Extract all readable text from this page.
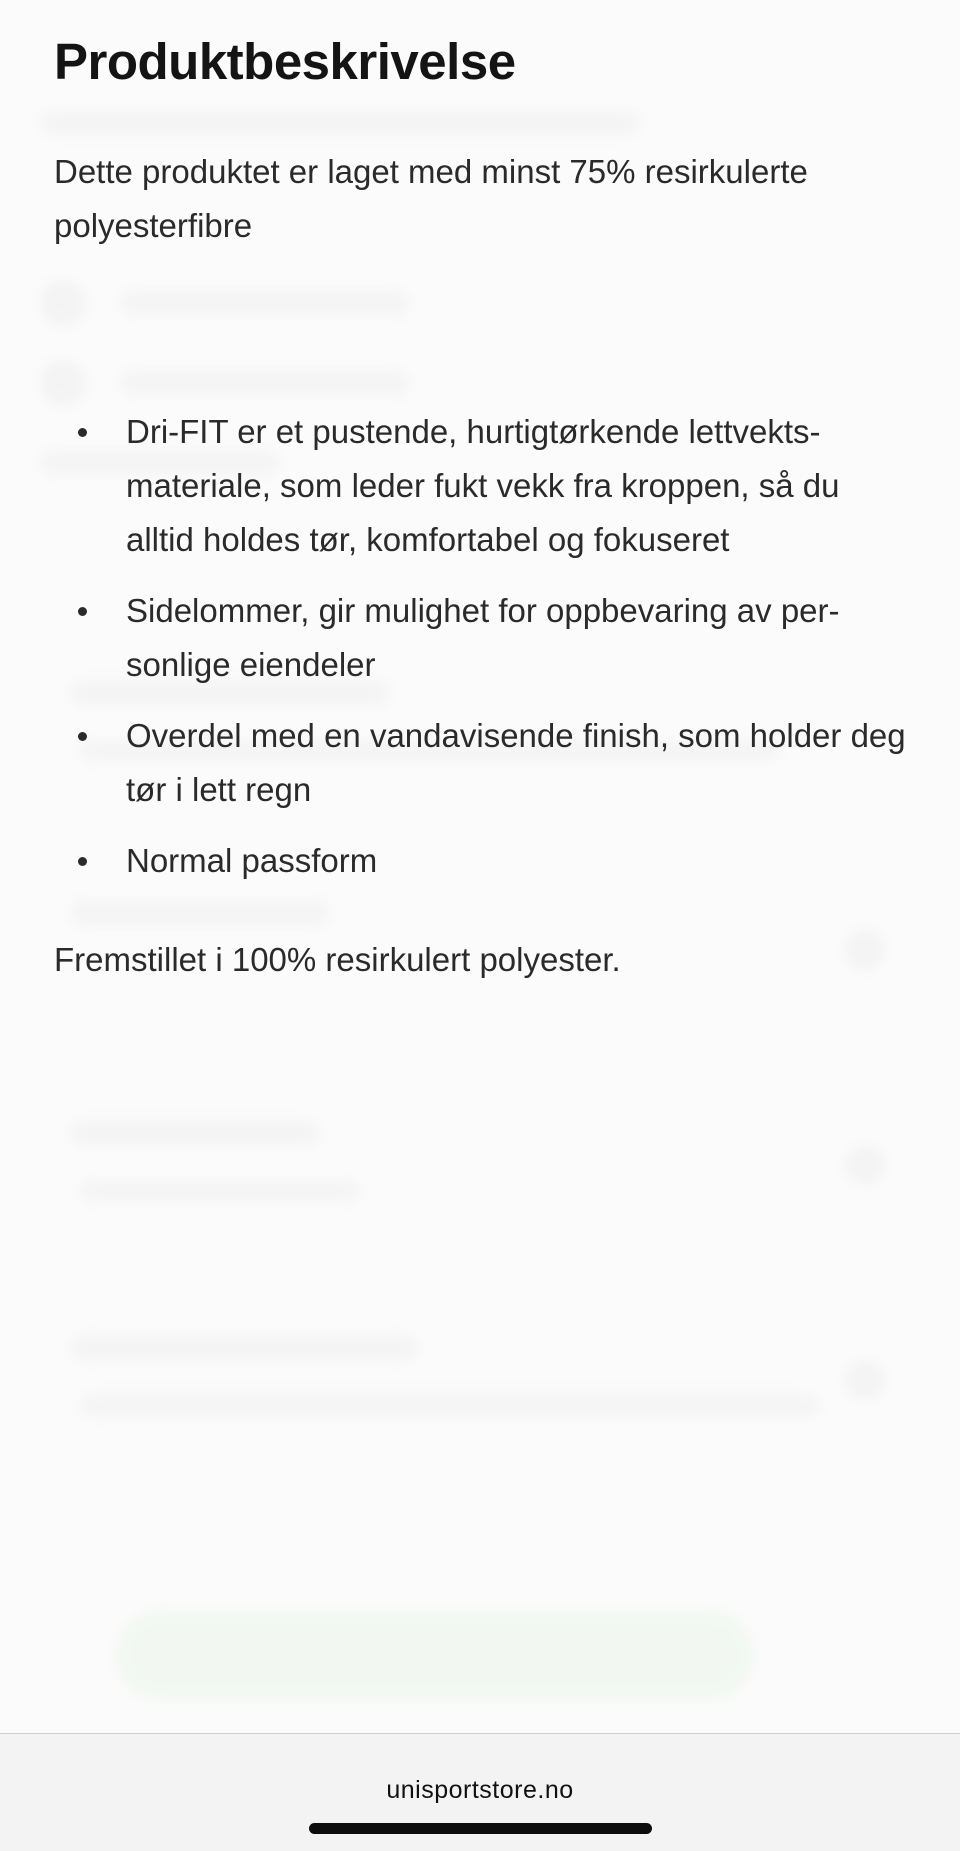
Produktbeskrivelse

Dette produktet er laget med minst 75% resirkulerte polyesterfibre

Dri-FIT er et pustende, hurtigtørkende lettvektsmateriale, som leder fukt vekk fra kroppen, så du alltid holdes tør, komfortabel og fokuseret
Sidelommer, gir mulighet for oppbevaring av personlige eiendeler
Overdel med en vandavisende finish, som holder deg tør i lett regn
Normal passform

Fremstillet i 100% resirkulert polyester.

unisportstore.no
